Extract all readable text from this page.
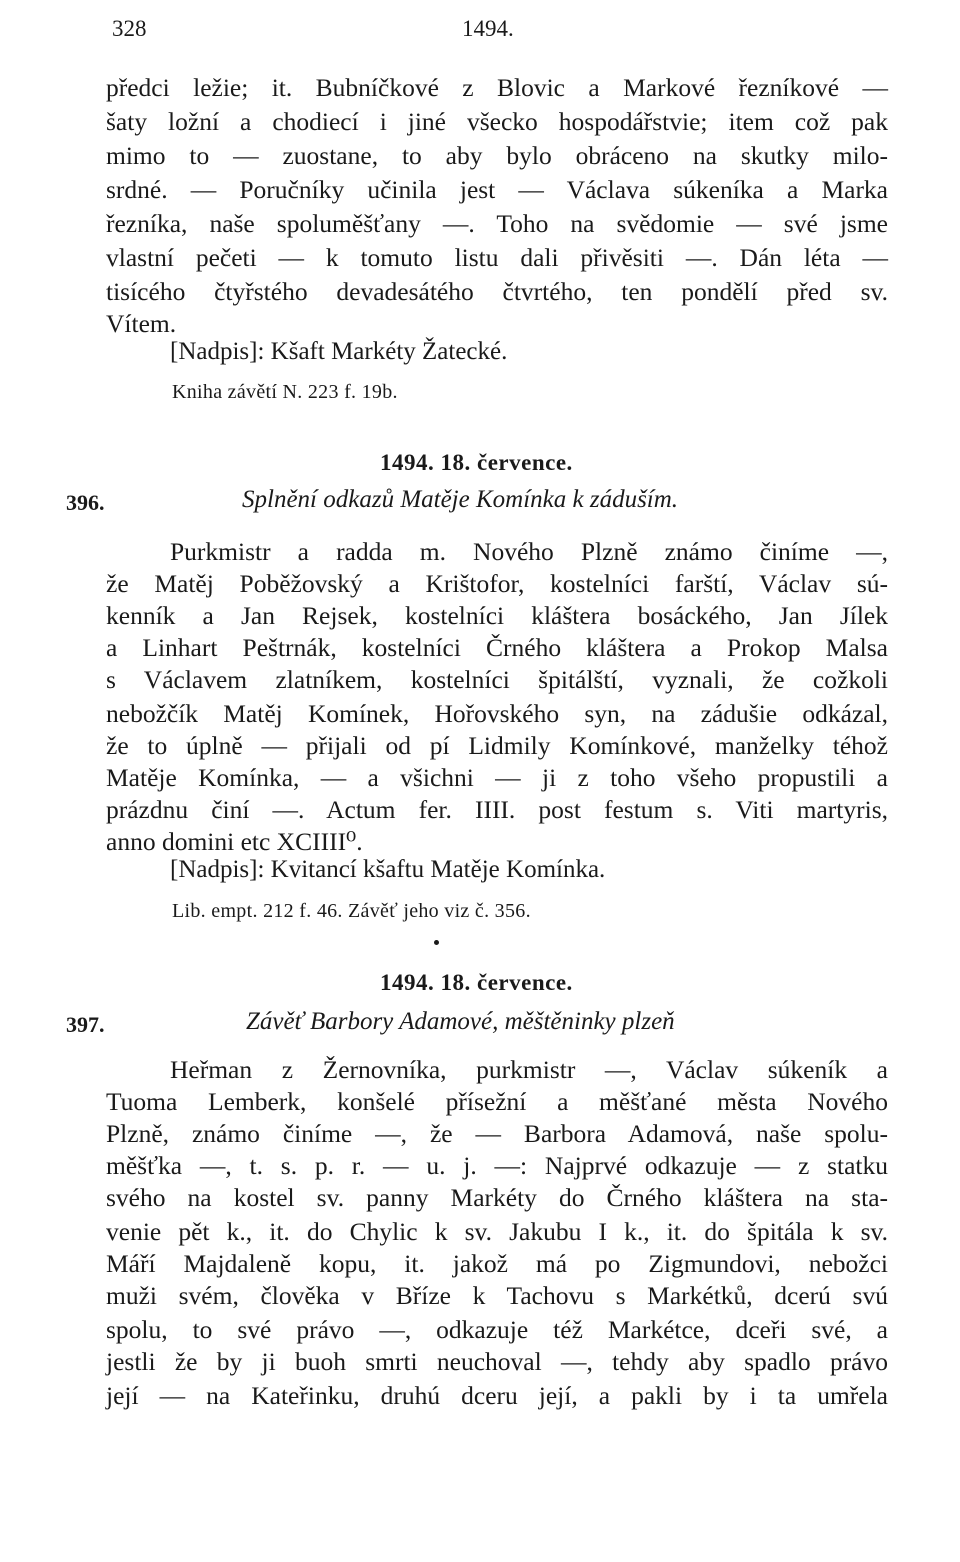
328	1494.
předci ležie; it. Bubníčkové z Blovic a Markové řezníkové —
šaty ložní a chodiecí i jiné všecko hospodářstvie; item což pak
mimo to — zuostane, to aby bylo obráceno na skutky milo-
srdné. — Poručníky učinila jest — Václava súkeníka a Marka
řezníka, naše spoluměšťany —. Toho na svědomie — své jsme
vlastní pečeti — k tomuto listu dali přivěsiti —. Dán léta —
tisícého čtyřstého devadesátého čtvrtého, ten pondělí před sv.
Vítem.
[Nadpis]: Kšaft Markéty Žatecké.
Kniha závětí N. 223 f. 19b.
1494. 18. července.
396.	Splnění odkazů Matěje Komínka k záduším.
Purkmistr a radda m. Nového Plzně známo činíme —,
že Matěj Poběžovský a Krištofor, kostelníci farští, Václav sú-
kenník a Jan Rejsek, kostelníci kláštera bosáckého, Jan Jílek
a Linhart Peštrnák, kostelníci Črného kláštera a Prokop Malsa
s Václavem zlatníkem, kostelníci špitálští, vyznali, že cožkoli
nebožčík Matěj Komínek, Hořovského syn, na zádušie odkázal,
že to úplně — přijali od pí Lidmily Komínkové, manželky téhož
Matěje Komínka, — a všichni — ji z toho všeho propustili a
prázdnu činí —. Actum fer. IIII. post festum s. Viti martyris,
anno domini etc XCIIII⁰.
[Nadpis]: Kvitancí kšaftu Matěje Komínka.
Lib. empt. 212 f. 46. Závěť jeho viz č. 356.
1494. 18. července.
397.	Závěť Barbory Adamové, měštěninky plzeň
Heřman z Žernovníka, purkmistr —, Václav súkeník a
Tuoma Lemberk, konšelé přísežní a měšťané města Nového
Plzně, známo činíme —, že — Barbora Adamová, naše spolu-
měšťka —, t. s. p. r. — u. j. —: Najprvé odkazuje — z statku
svého na kostel sv. panny Markéty do Črného kláštera na sta-
venie pět k., it. do Chylic k sv. Jakubu I k., it. do špitála k sv.
Máří Majdaleně kopu, it. jakož má po Zigmundovi, nebožci
muži svém, člověka v Bříze k Tachovu s Markétků, dcerú svú
spolu, to své právo —, odkazuje též Markétce, dceři své, a
jestli že by ji buoh smrti neuchoval —, tehdy aby spadlo právo
její — na Kateřinku, druhú dceru její, a pakli by i ta umřela
